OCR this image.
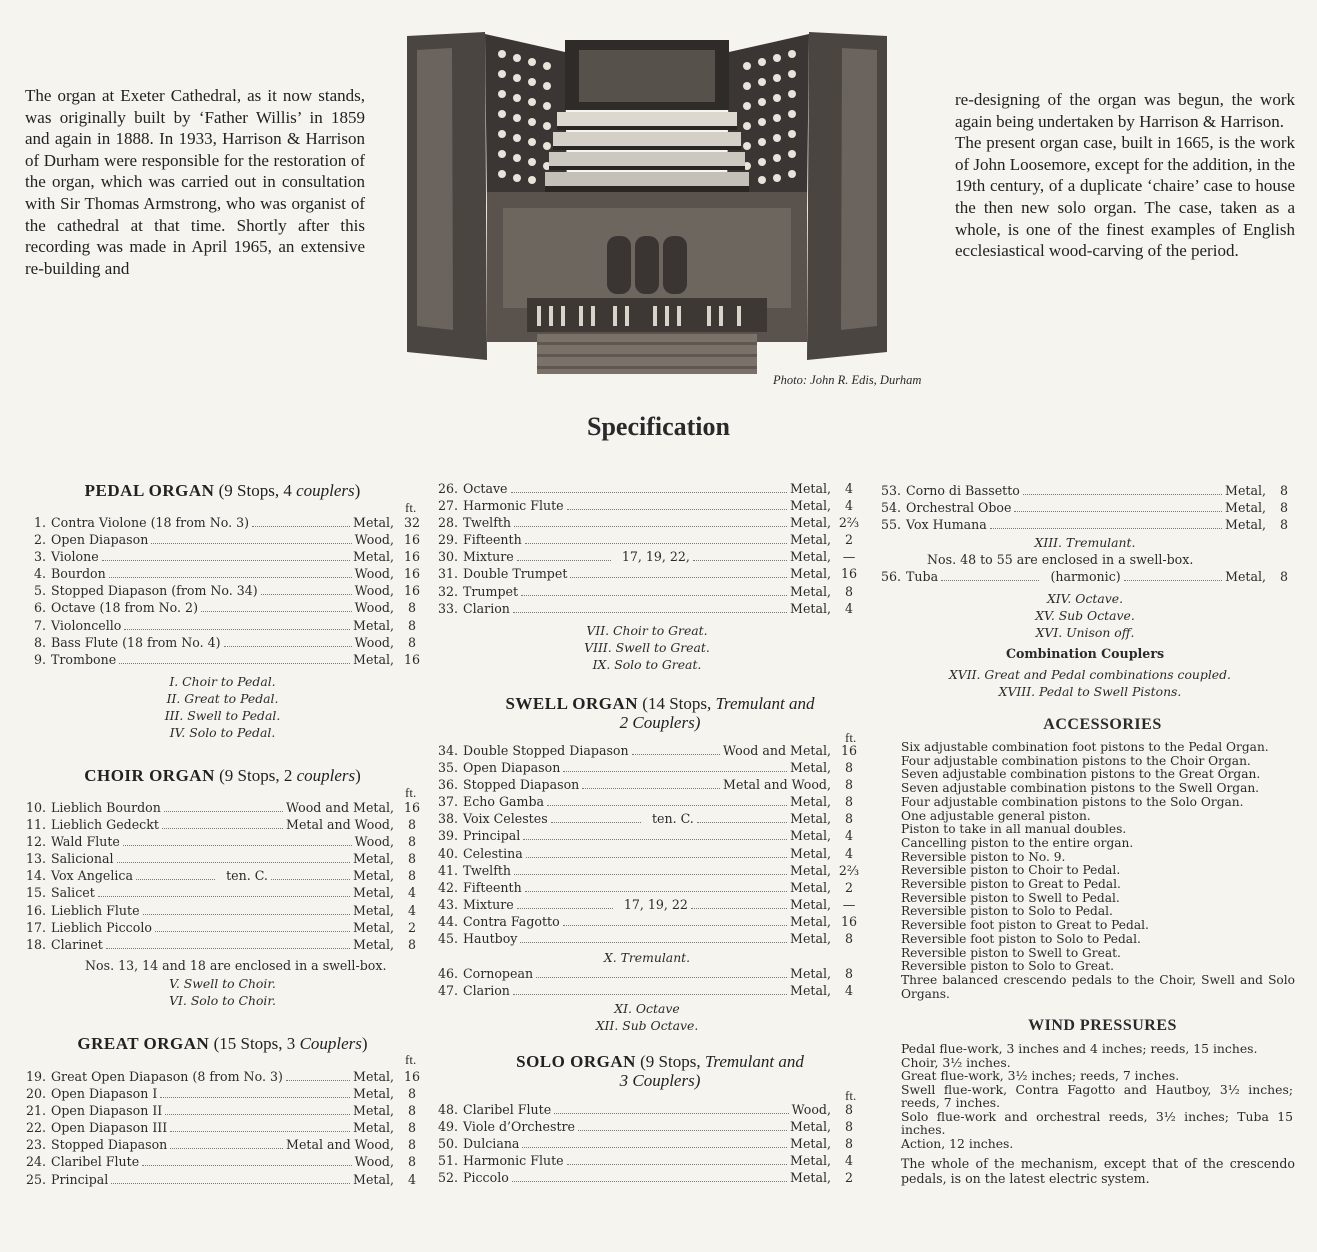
The organ at Exeter Cathedral, as it now stands, was originally built by ‘Father Willis’ in 1859 and again in 1888. In 1933, Harrison & Harrison of Durham were responsible for the restoration of the organ, which was carried out in consultation with Sir Thomas Armstrong, who was organist of the cathedral at that time. Shortly after this recording was made in April 1965, an extensive re-building and

re-designing of the organ was begun, the work again being undertaken by Harrison & Harrison.

The present organ case, built in 1665, is the work of John Loosemore, except for the addition, in the 19th century, of a duplicate ‘chaire’ case to house the then new solo organ. The case, taken as a whole, is one of the finest examples of English ecclesiastical wood-carving of the period.

Photo: John R. Edis, Durham
Specification
PEDAL ORGAN (9 Stops, 4 couplers)
ft.
1. Contra Violone (18 from No. 3)	Metal, 32
2. Open Diapason	Wood, 16
3. Violone	Metal, 16
4. Bourdon	Wood, 16
5. Stopped Diapason (from No. 34)	Wood, 16
6. Octave (18 from No. 2)	Wood,	8
7. Violoncello	Metal,	8
8. Bass Flute (18 from No. 4)	Wood,	8
9. Trombone	Metal, 16
I. Choir to Pedal.
II. Great to Pedal.
III. Swell to Pedal.
IV. Solo to Pedal.
CHOIR ORGAN (9 Stops, 2 couplers)
ft.
10. Lieblich Bourdon	Wood and Metal, 16
11. Lieblich Gedeckt	Metal and Wood,	8
12. Wald Flute	Wood,	8
13. Salicional	Metal,	8
14. Vox Angelica	ten. C.	Metal,	8
15. Salicet	Metal,	4
16. Lieblich Flute	Metal,	4
17. Lieblich Piccolo	Metal,	2
18. Clarinet	Metal,	8
Nos. 13, 14 and 18 are enclosed in a swell-box.
V. Swell to Choir.
VI. Solo to Choir.
GREAT ORGAN (15 Stops, 3 Couplers)
ft.
19. Great Open Diapason (8 from No. 3)	Metal, 16
20. Open Diapason I	Metal,	8
21. Open Diapason II	Metal,	8
22. Open Diapason III	Metal,	8
23. Stopped Diapason	Metal and Wood,	8
24. Claribel Flute	Wood,	8
25. Principal	Metal,	4
26. Octave	Metal,	4
27. Harmonic Flute	Metal,	4
28. Twelfth	Metal, 2⅔
29. Fifteenth	Metal,	2
30. Mixture	17, 19, 22,	Metal, —
31. Double Trumpet	Metal, 16
32. Trumpet	Metal,	8
33. Clarion	Metal,	4
VII. Choir to Great.
VIII. Swell to Great.
IX. Solo to Great.
SWELL ORGAN (14 Stops, Tremulant and
2 Couplers)
ft.
34. Double Stopped Diapason	Wood and Metal, 16
35. Open Diapason	Metal,	8
36. Stopped Diapason	Metal and Wood,	8
37. Echo Gamba	Metal,	8
38. Voix Celestes	ten. C.	Metal,	8
39. Principal	Metal,	4
40. Celestina	Metal,	4
41. Twelfth	Metal, 2⅔
42. Fifteenth	Metal,	2
43. Mixture	17, 19, 22	Metal, —
44. Contra Fagotto	Metal, 16
45. Hautboy	Metal,	8
X. Tremulant.
46. Cornopean	Metal,	8
47. Clarion	Metal,	4
XI. Octave
XII. Sub Octave.
SOLO ORGAN (9 Stops, Tremulant and
3 Couplers)
ft.
48. Claribel Flute	Wood,	8
49. Viole d’Orchestre	Metal,	8
50. Dulciana	Metal,	8
51. Harmonic Flute	Metal,	4
52. Piccolo	Metal,	2
53. Corno di Bassetto	Metal,	8
54. Orchestral Oboe	Metal,	8
55. Vox Humana	Metal,	8
XIII. Tremulant.
Nos. 48 to 55 are enclosed in a swell-box.
56. Tuba	(harmonic)	Metal,	8
XIV. Octave.
XV. Sub Octave.
XVI. Unison off.
Combination Couplers
XVII. Great and Pedal combinations coupled.
XVIII. Pedal to Swell Pistons.
ACCESSORIES
Six adjustable combination foot pistons to the Pedal Organ.
Four adjustable combination pistons to the Choir Organ.
Seven adjustable combination pistons to the Great Organ.
Seven adjustable combination pistons to the Swell Organ.
Four adjustable combination pistons to the Solo Organ.
One adjustable general piston.
Piston to take in all manual doubles.
Cancelling piston to the entire organ.
Reversible piston to No. 9.
Reversible piston to Choir to Pedal.
Reversible piston to Great to Pedal.
Reversible piston to Swell to Pedal.
Reversible piston to Solo to Pedal.
Reversible foot piston to Great to Pedal.
Reversible foot piston to Solo to Pedal.
Reversible piston to Swell to Great.
Reversible piston to Solo to Great.
Three balanced crescendo pedals to the Choir, Swell and Solo Organs.
WIND PRESSURES
Pedal flue-work, 3 inches and 4 inches; reeds, 15 inches.
Choir, 3½ inches.
Great flue-work, 3½ inches; reeds, 7 inches.
Swell flue-work, Contra Fagotto and Hautboy, 3½ inches; reeds, 7 inches.
Solo flue-work and orchestral reeds, 3½ inches; Tuba 15 inches.
Action, 12 inches.
The whole of the mechanism, except that of the crescendo pedals, is on the latest electric system.
